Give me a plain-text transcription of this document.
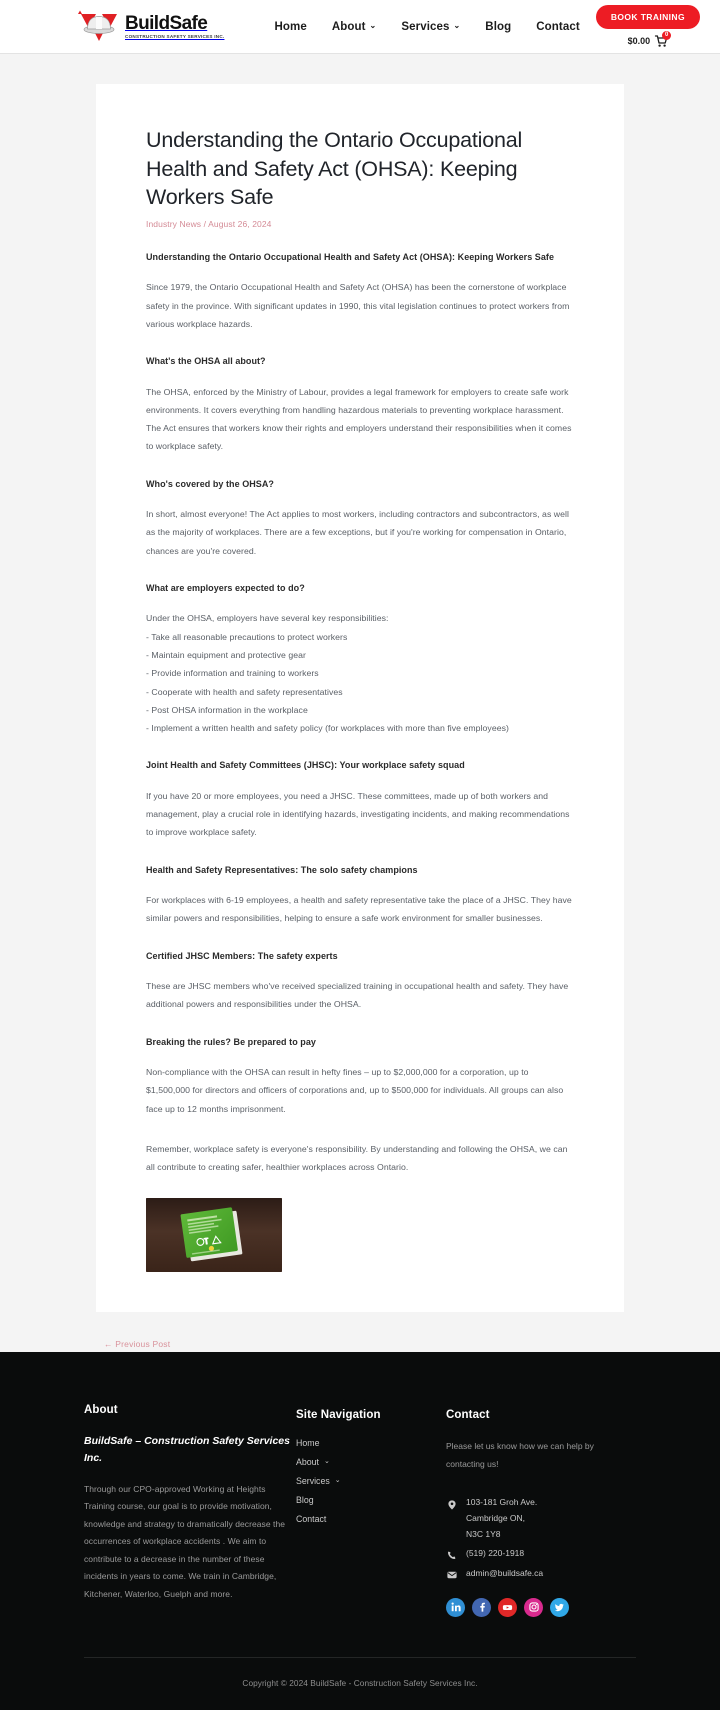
BuildSafe
CONSTRUCTION SAFETY SERVICES INC.
Home About ⌄ Services ⌄ Blog Contact
BOOK TRAINING
$0.00
0
Understanding the Ontario Occupational Health and Safety Act (OHSA): Keeping Workers Safe
Industry News / August 26, 2024
Understanding the Ontario Occupational Health and Safety Act (OHSA): Keeping Workers Safe

Since 1979, the Ontario Occupational Health and Safety Act (OHSA) has been the cornerstone of workplace safety in the province. With significant updates in 1990, this vital legislation continues to protect workers from various workplace hazards.

What's the OHSA all about?

The OHSA, enforced by the Ministry of Labour, provides a legal framework for employers to create safe work environments. It covers everything from handling hazardous materials to preventing workplace harassment. The Act ensures that workers know their rights and employers understand their responsibilities when it comes to workplace safety.

Who's covered by the OHSA?

In short, almost everyone! The Act applies to most workers, including contractors and subcontractors, as well as the majority of workplaces. There are a few exceptions, but if you're working for compensation in Ontario, chances are you're covered.

What are employers expected to do?
Under the OHSA, employers have several key responsibilities:
- Take all reasonable precautions to protect workers
- Maintain equipment and protective gear
- Provide information and training to workers
- Cooperate with health and safety representatives
- Post OHSA information in the workplace
- Implement a written health and safety policy (for workplaces with more than five employees)
Joint Health and Safety Committees (JHSC): Your workplace safety squad

If you have 20 or more employees, you need a JHSC. These committees, made up of both workers and management, play a crucial role in identifying hazards, investigating incidents, and making recommendations to improve workplace safety.

Health and Safety Representatives: The solo safety champions

For workplaces with 6-19 employees, a health and safety representative take the place of a JHSC. They have similar powers and responsibilities, helping to ensure a safe work environment for smaller businesses.

Certified JHSC Members: The safety experts

These are JHSC members who've received specialized training in occupational health and safety. They have additional powers and responsibilities under the OHSA.

Breaking the rules? Be prepared to pay

Non-compliance with the OHSA can result in hefty fines – up to $2,000,000 for a corporation, up to $1,500,000 for directors and officers of corporations and, up to $500,000 for individuals. All groups can also face up to 12 months imprisonment.

Remember, workplace safety is everyone's responsibility. By understanding and following the OHSA, we can all contribute to creating safer, healthier workplaces across Ontario.

← Previous Post
About
BuildSafe – Construction Safety Services Inc.
Through our CPO-approved Working at Heights Training course, our goal is to provide motivation, knowledge and strategy to dramatically decrease the occurrences of workplace accidents . We aim to contribute to a decrease in the number of these incidents in years to come. We train in Cambridge, Kitchener, Waterloo, Guelph and more.
Site Navigation
Home
About ⌄
Services ⌄
Blog
Contact
Contact
Please let us know how we can help by contacting us!
103-181 Groh Ave.
Cambridge ON,
N3C 1Y8
(519) 220-1918
admin@buildsafe.ca
Copyright © 2024 BuildSafe - Construction Safety Services Inc.
